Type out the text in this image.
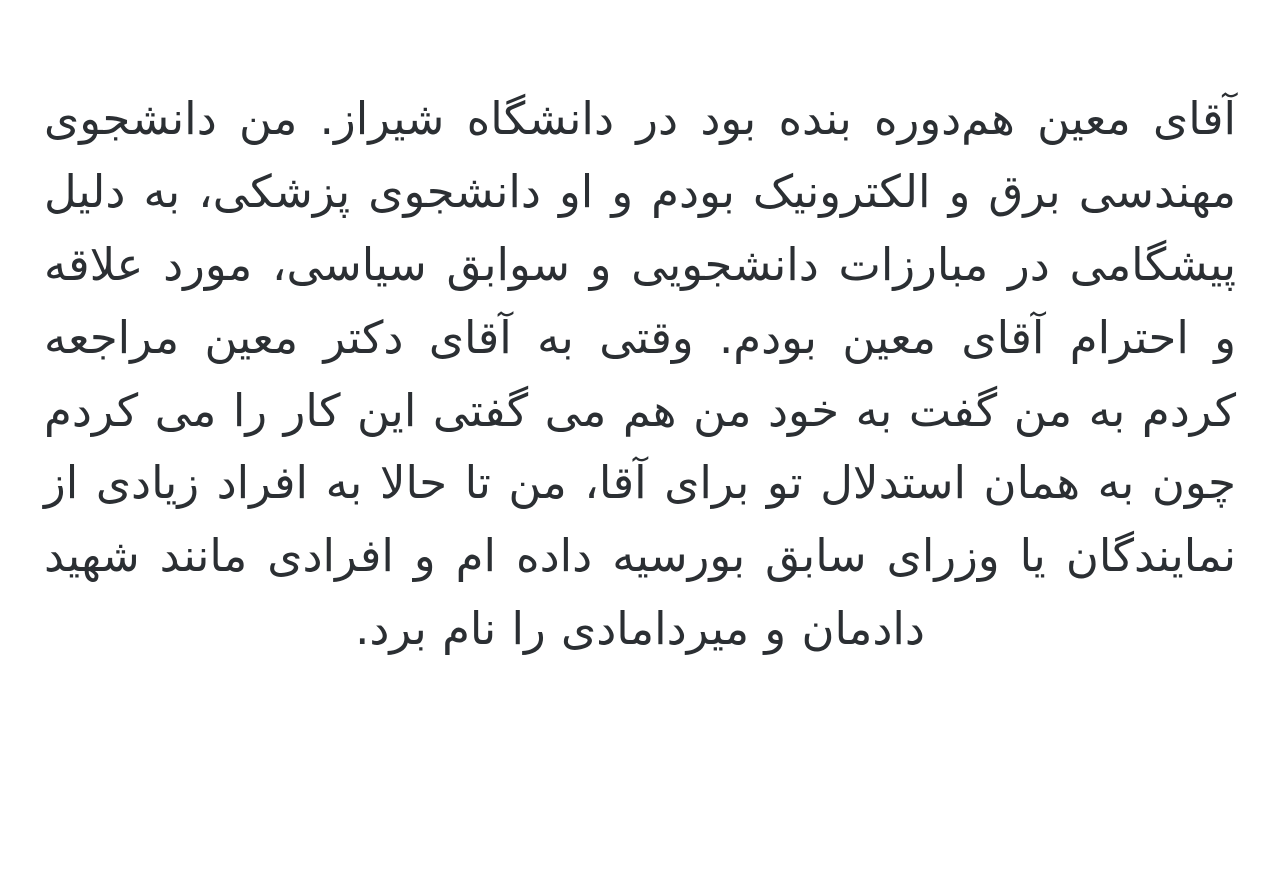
آقای معین هم‌دوره بنده بود در دانشگاه شیراز. من دانشجوی مهندسی برق و الکترونیک بودم و او دانشجوی پزشکی، به دلیل پیشگامی در مبارزات دانشجویی و سوابق سیاسی، مورد علاقه و احترام آقای معین بودم. وقتی به آقای دکتر معین مراجعه کردم به من گفت به خود من هم می گفتی این کار را می کردم چون به همان استدلال تو برای آقا، من تا حالا به افراد زیادی از نمایندگان یا وزرای سابق بورسیه داده ام و افرادی مانند شهید دادمان و میردامادی را نام برد.
